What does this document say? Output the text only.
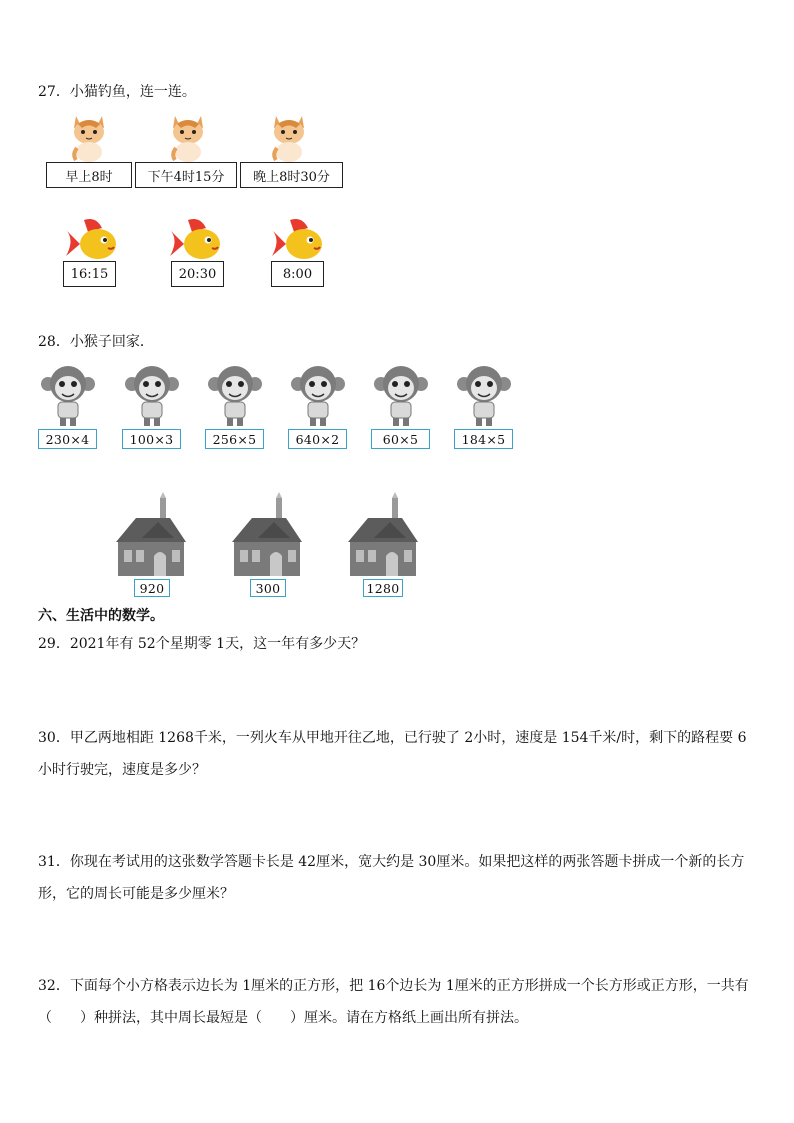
27．小猫钓鱼，连一连。
早上8时	下午4时15分	晚上8时30分
16:15	20:30	8:00
28．小猴子回家．
230×4	100×3	256×5	640×2	60×5	184×5
920	300	1280
六、生活中的数学。
29．2021年有 52个星期零 1天，这一年有多少天？
30．甲乙两地相距 1268千米，一列火车从甲地开往乙地，已行驶了 2小时，速度是 154千米/时，剩下的路程要 6小时行驶完，速度是多少？
31．你现在考试用的这张数学答题卡长是 42厘米，宽大约是 30厘米。如果把这样的两张答题卡拼成一个新的长方形，它的周长可能是多少厘米？
32．下面每个小方格表示边长为 1厘米的正方形，把 16个边长为 1厘米的正方形拼成一个长方形或正方形，一共有（　　）种拼法，其中周长最短是（　　）厘米。请在方格纸上画出所有拼法。
